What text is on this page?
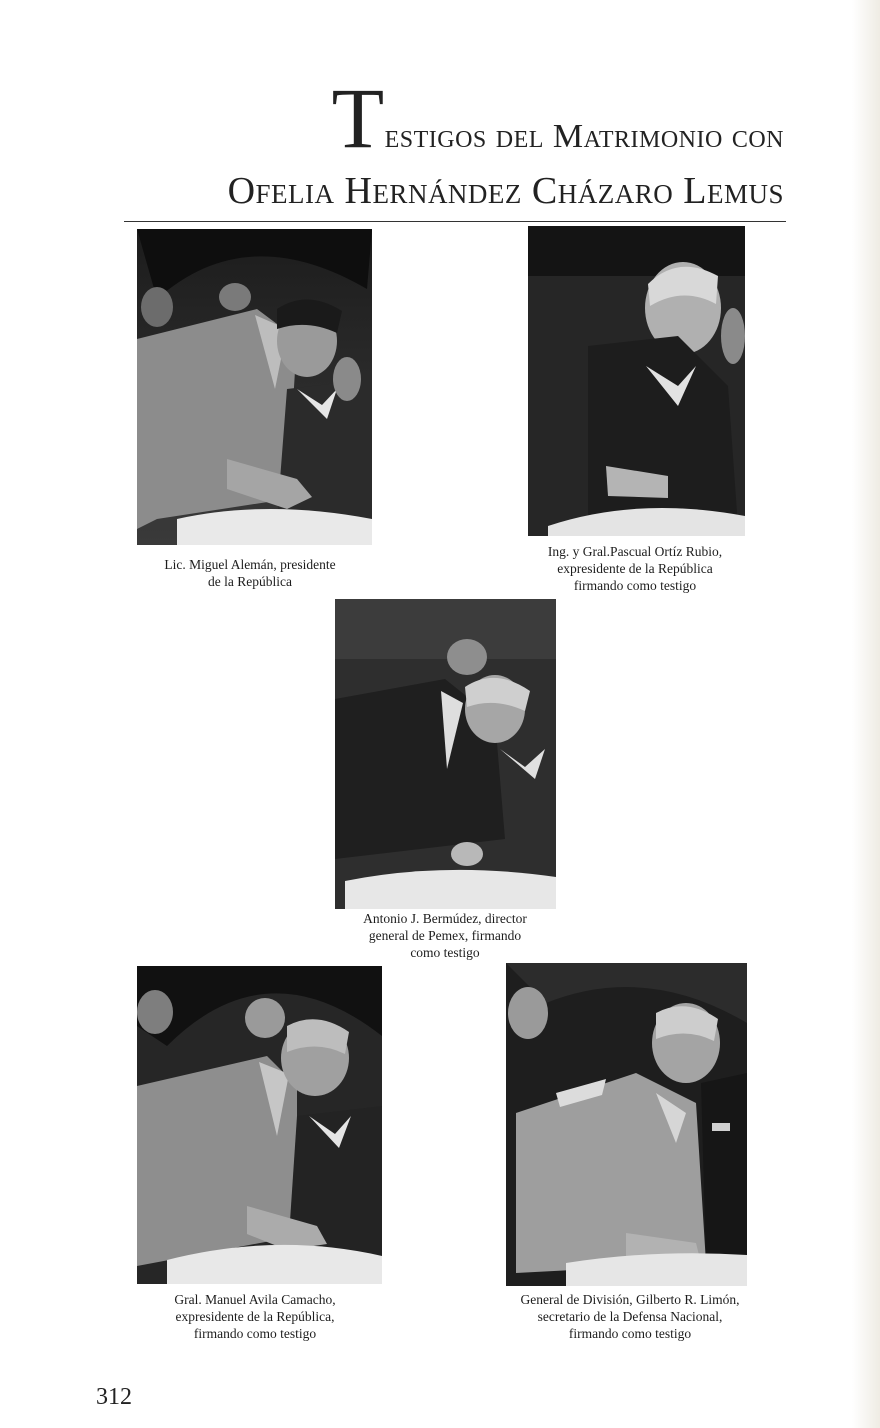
Testigos del Matrimonio con
Ofelia Hernández Cházaro Lemus
Lic. Miguel Alemán, presidente
de la República
Ing. y Gral.Pascual Ortíz Rubio,
expresidente de la República
firmando como testigo
Antonio J. Bermúdez, director
general de Pemex, firmando
como testigo
Gral. Manuel Avila Camacho,
expresidente de la República,
firmando como testigo
General de División, Gilberto R. Limón,
secretario de la Defensa Nacional,
firmando como testigo
312
